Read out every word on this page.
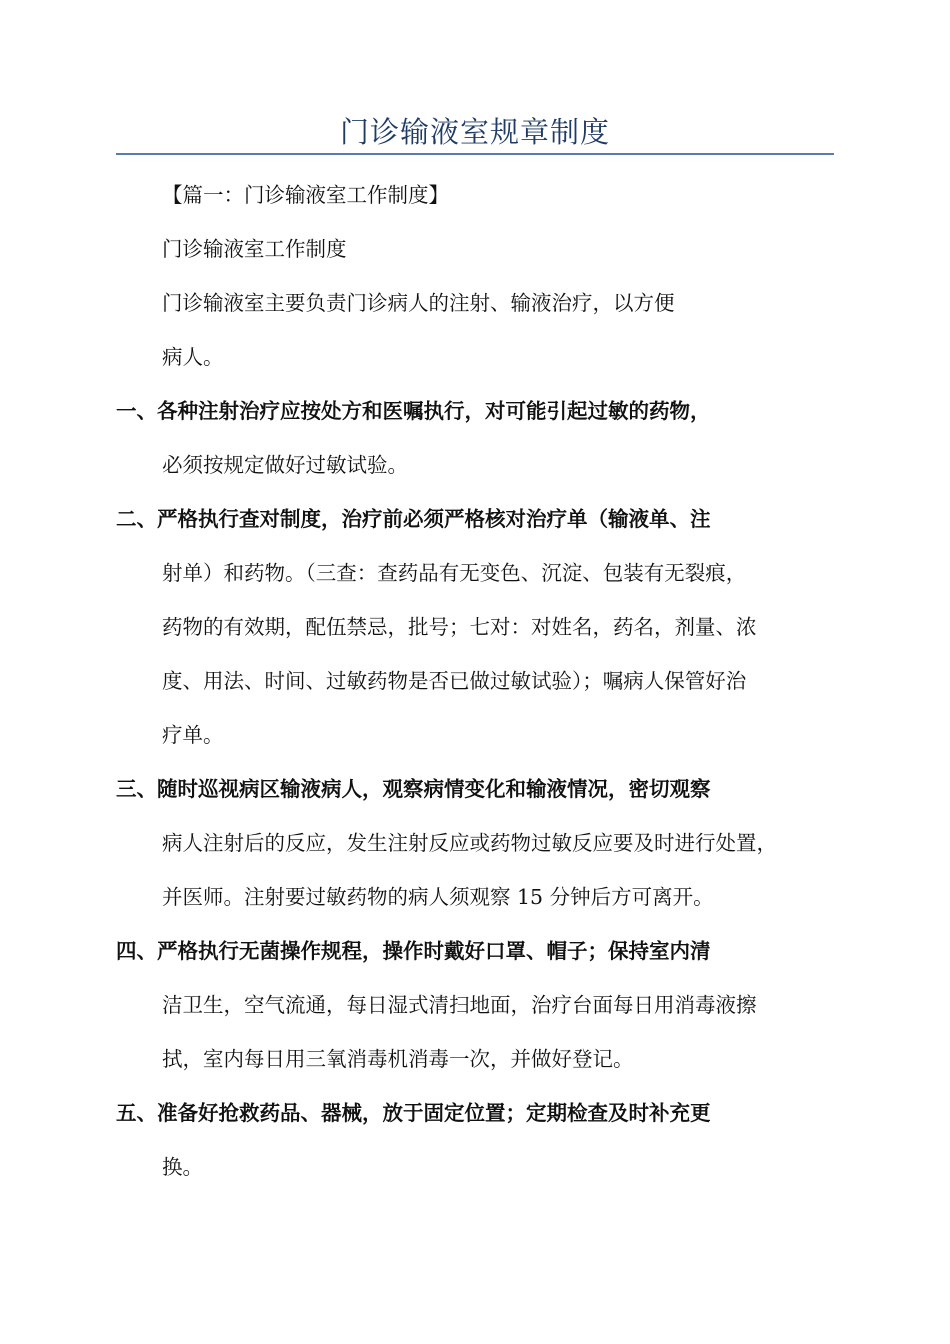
门诊输液室规章制度
【篇一：门诊输液室工作制度】
门诊输液室工作制度
门诊输液室主要负责门诊病人的注射、输液治疗，以方便
病人。
一、各种注射治疗应按处方和医嘱执行，对可能引起过敏的药物，
必须按规定做好过敏试验。
二、严格执行查对制度，治疗前必须严格核对治疗单（输液单、注
射单）和药物。（三查：查药品有无变色、沉淀、包装有无裂痕，
药物的有效期，配伍禁忌，批号；七对：对姓名，药名，剂量、浓
度、用法、时间、过敏药物是否已做过敏试验）；嘱病人保管好治
疗单。
三、随时巡视病区输液病人，观察病情变化和输液情况，密切观察
病人注射后的反应，发生注射反应或药物过敏反应要及时进行处置，
并医师。注射要过敏药物的病人须观察 15 分钟后方可离开。
四、严格执行无菌操作规程，操作时戴好口罩、帽子；保持室内清
洁卫生，空气流通，每日湿式清扫地面，治疗台面每日用消毒液擦
拭，室内每日用三氧消毒机消毒一次，并做好登记。
五、准备好抢救药品、器械，放于固定位置；定期检查及时补充更
换。
